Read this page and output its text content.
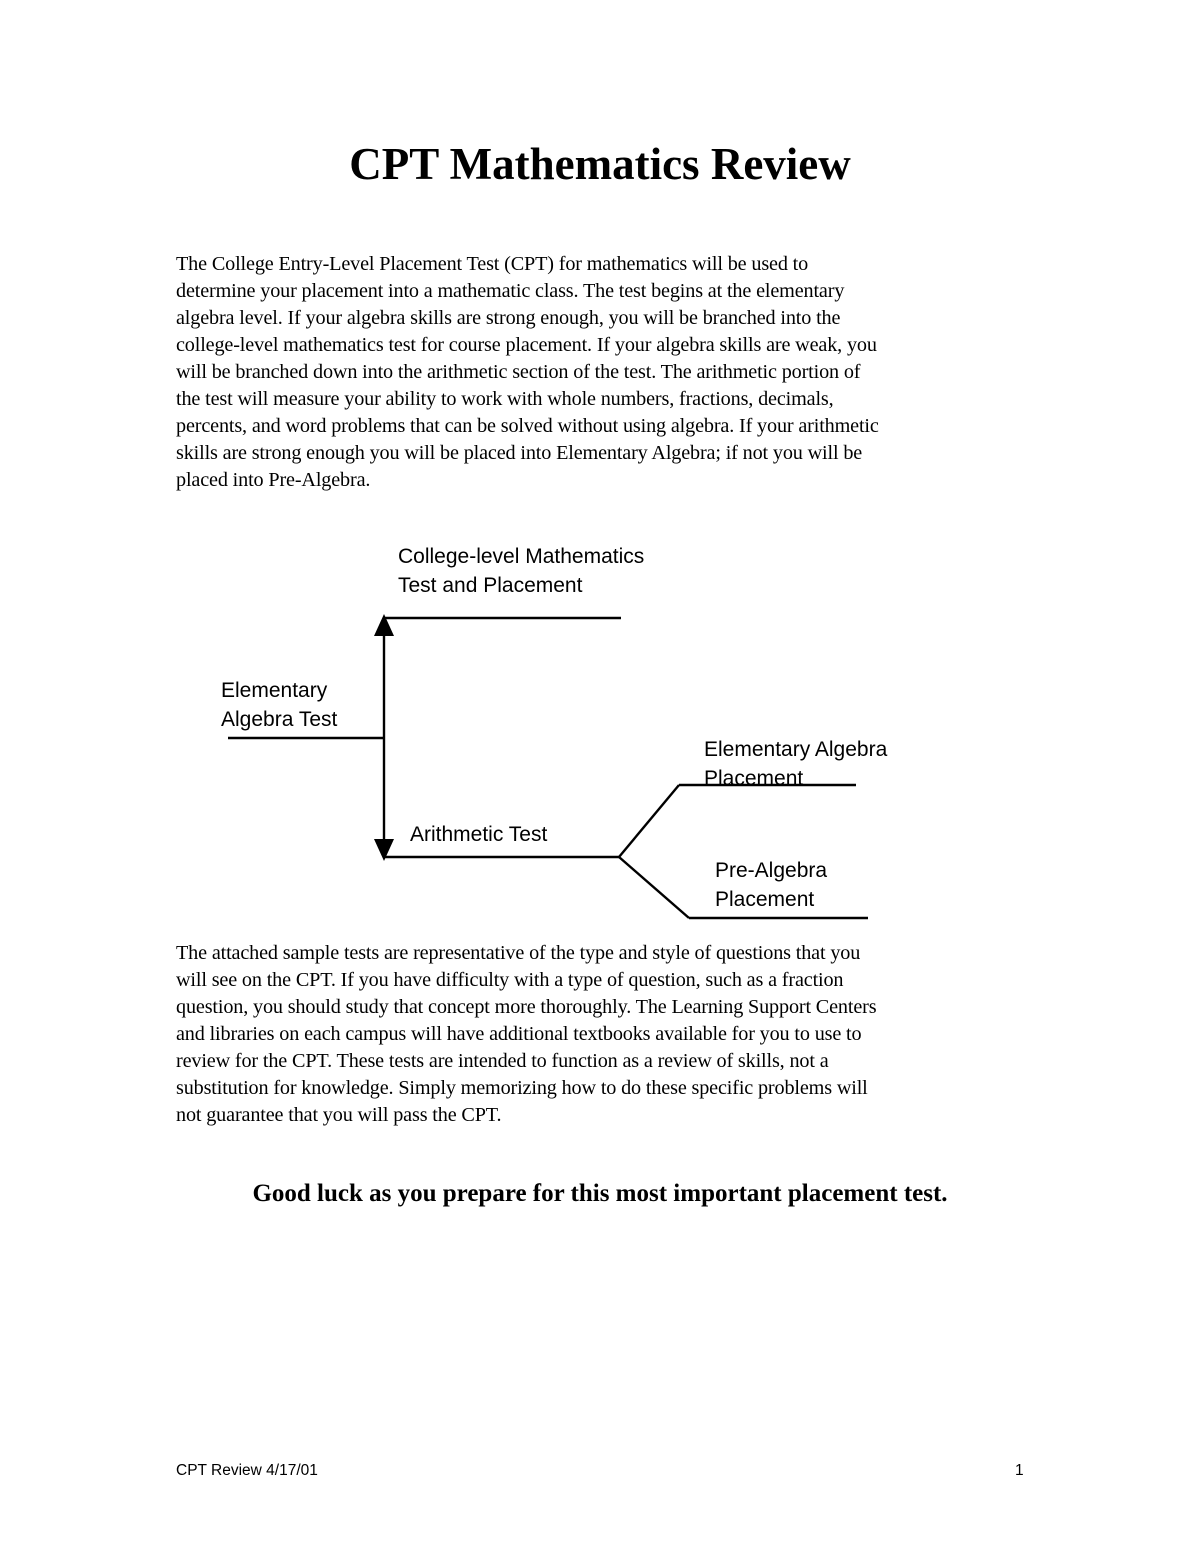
CPT Mathematics Review

The College Entry-Level Placement Test (CPT) for mathematics will be used to
determine your placement into a mathematic class. The test begins at the elementary
algebra level. If your algebra skills are strong enough, you will be branched into the
college-level mathematics test for course placement. If your algebra skills are weak, you
will be branched down into the arithmetic section of the test. The arithmetic portion of
the test will measure your ability to work with whole numbers, fractions, decimals,
percents, and word problems that can be solved without using algebra. If your arithmetic
skills are strong enough you will be placed into Elementary Algebra; if not you will be
placed into Pre-Algebra.

College-level Mathematics
Test and Placement
Elementary
Algebra Test
Elementary Algebra
Placement
Arithmetic Test
Pre-Algebra
Placement

The attached sample tests are representative of the type and style of questions that you
will see on the CPT. If you have difficulty with a type of question, such as a fraction
question, you should study that concept more thoroughly. The Learning Support Centers
and libraries on each campus will have additional textbooks available for you to use to
review for the CPT. These tests are intended to function as a review of skills, not a
substitution for knowledge. Simply memorizing how to do these specific problems will
not guarantee that you will pass the CPT.

Good luck as you prepare for this most important placement test.

CPT Review 4/17/01	1
